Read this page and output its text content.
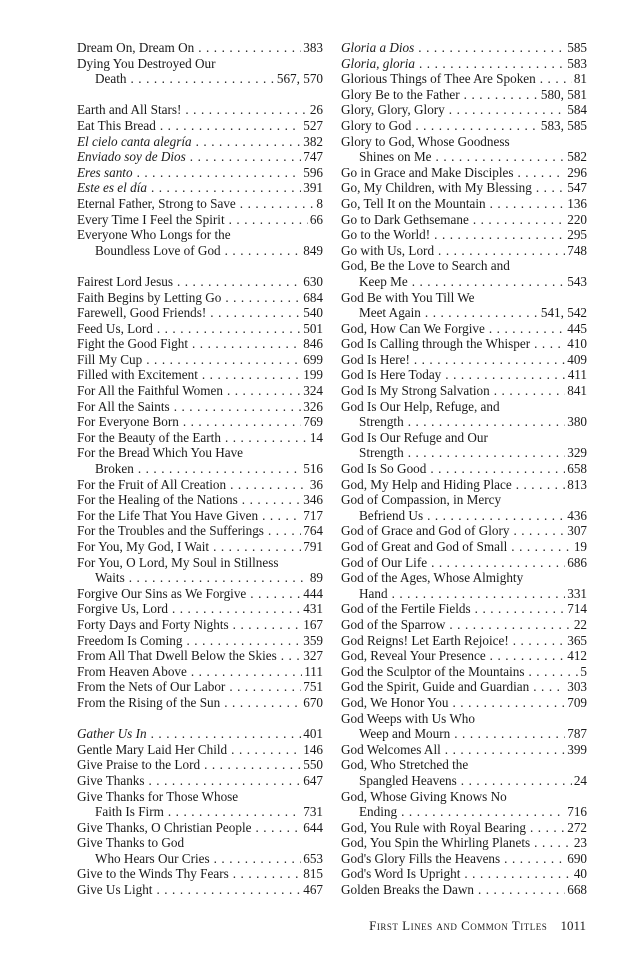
Dream On, Dream On . . .	383
Dying You Destroyed Our
Death . . .	567, 570
Earth and All Stars! . . .	26
Eat This Bread . . .	527
El cielo canta alegría . . .	382
Enviado soy de Dios . . .	747
Eres santo . . .	596
Este es el día . . .	391
Eternal Father, Strong to Save . . .	8
Every Time I Feel the Spirit . . .	66
Everyone Who Longs for the
Boundless Love of God . . .	849
Fairest Lord Jesus . . .	630
Faith Begins by Letting Go . . .	684
Farewell, Good Friends! . . .	540
Feed Us, Lord . . .	501
Fight the Good Fight . . .	846
Fill My Cup . . .	699
Filled with Excitement . . .	199
For All the Faithful Women . . .	324
For All the Saints . . .	326
For Everyone Born . . .	769
For the Beauty of the Earth . . .	14
For the Bread Which You Have
Broken . . .	516
For the Fruit of All Creation . . .	36
For the Healing of the Nations . . .	346
For the Life That You Have Given . . .	717
For the Troubles and the Sufferings . . .	764
For You, My God, I Wait . . .	791
For You, O Lord, My Soul in Stillness
Waits . . .	89
Forgive Our Sins as We Forgive . . .	444
Forgive Us, Lord . . .	431
Forty Days and Forty Nights . . .	167
Freedom Is Coming . . .	359
From All That Dwell Below the Skies . . . 327
From Heaven Above . . .	111
From the Nets of Our Labor . . .	751
From the Rising of the Sun . . .	670
Gather Us In . . .	401
Gentle Mary Laid Her Child . . .	146
Give Praise to the Lord . . .	550
Give Thanks . . .	647
Give Thanks for Those Whose
Faith Is Firm . . .	731
Give Thanks, O Christian People . . .	644
Give Thanks to God
Who Hears Our Cries . . .	653
Give to the Winds Thy Fears . . .	815
Give Us Light . . .	467
Gloria a Dios . . .	585
Gloria, gloria . . .	583
Glorious Things of Thee Are Spoken . . .	81
Glory Be to the Father . . .	580, 581
Glory, Glory, Glory . . .	584
Glory to God . . .	583, 585
Glory to God, Whose Goodness
Shines on Me . . .	582
Go in Grace and Make Disciples . . .	296
Go, My Children, with My Blessing . . .	547
Go, Tell It on the Mountain . . .	136
Go to Dark Gethsemane . . .	220
Go to the World! . . .	295
Go with Us, Lord . . .	748
God, Be the Love to Search and
Keep Me . . .	543
God Be with You Till We
Meet Again . . .	541, 542
God, How Can We Forgive . . .	445
God Is Calling through the Whisper . . .	410
God Is Here! . . .	409
God Is Here Today . . .	411
God Is My Strong Salvation . . .	841
God Is Our Help, Refuge, and
Strength . . .	380
God Is Our Refuge and Our
Strength . . .	329
God Is So Good . . .	658
God, My Help and Hiding Place . . .	813
God of Compassion, in Mercy
Befriend Us . . .	436
God of Grace and God of Glory . . .	307
God of Great and God of Small . . .	19
God of Our Life . . .	686
God of the Ages, Whose Almighty
Hand . . .	331
God of the Fertile Fields . . .	714
God of the Sparrow . . .	22
God Reigns! Let Earth Rejoice! . . .	365
God, Reveal Your Presence . . .	412
God the Sculptor of the Mountains . . .	5
God the Spirit, Guide and Guardian . . .	303
God, We Honor You . . .	709
God Weeps with Us Who
Weep and Mourn . . .	787
God Welcomes All . . .	399
God, Who Stretched the
Spangled Heavens . . .	24
God, Whose Giving Knows No
Ending . . .	716
God, You Rule with Royal Bearing . . .	272
God, You Spin the Whirling Planets . . .	23
God's Glory Fills the Heavens . . .	690
God's Word Is Upright . . .	40
Golden Breaks the Dawn . . .	668
First Lines and Common Titles 1011
